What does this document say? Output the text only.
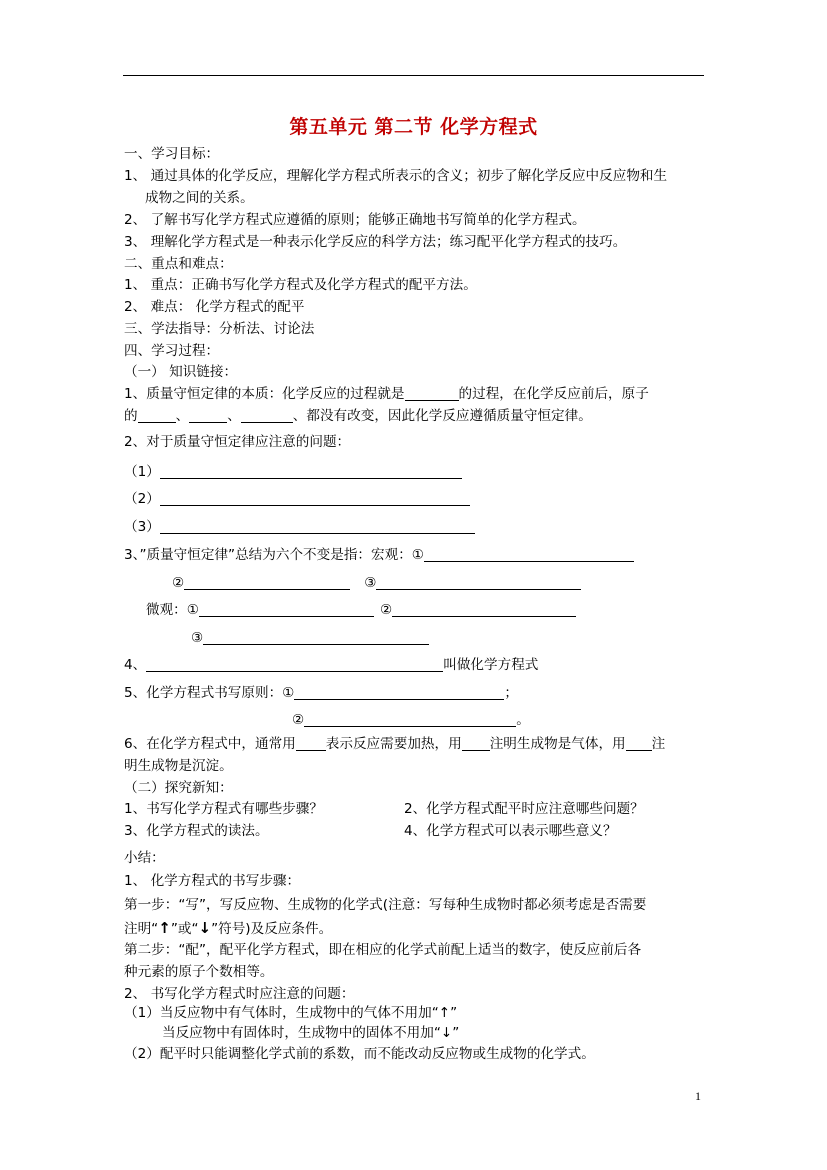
第五单元 第二节 化学方程式
一、学习目标：
1、 通过具体的化学反应，理解化学方程式所表示的含义；初步了解化学反应中反应物和生
成物之间的关系。
2、 了解书写化学方程式应遵循的原则；能够正确地书写简单的化学方程式。
3、 理解化学方程式是一种表示化学反应的科学方法；练习配平化学方程式的技巧。
二、重点和难点：
1、 重点：正确书写化学方程式及化学方程式的配平方法。
2、 难点： 化学方程式的配平
三、学法指导：分析法、讨论法
四、学习过程：
（一） 知识链接：
1、质量守恒定律的本质：化学反应的过程就是	的过程，在化学反应前后，原子
的	、	、	、都没有改变，因此化学反应遵循质量守恒定律。
2、对于质量守恒定律应注意的问题：
（1）
（2）
（3）
3、”质量守恒定律”总结为六个不变是指：宏观：①
②	③
微观：①	②
③
4、	叫做化学方程式
5、化学方程式书写原则：①	；
②	。
6、在化学方程式中，通常用 表示反应需要加热，用 注明生成物是气体，用 注
明生成物是沉淀。
（二）探究新知：
1、书写化学方程式有哪些步骤？	2、化学方程式配平时应注意哪些问题？
3、化学方程式的读法。	4、化学方程式可以表示哪些意义？
小结：
1、 化学方程式的书写步骤：
第一步：“写”，写反应物、生成物的化学式(注意：写每种生成物时都必须考虑是否需要
注明“↑”或“↓”符号)及反应条件。
第二步：“配”，配平化学方程式，即在相应的化学式前配上适当的数字，使反应前后各
种元素的原子个数相等。
2、 书写化学方程式时应注意的问题：
（1）当反应物中有气体时，生成物中的气体不用加“↑”
当反应物中有固体时，生成物中的固体不用加“↓”
（2）配平时只能调整化学式前的系数，而不能改动反应物或生成物的化学式。
1
